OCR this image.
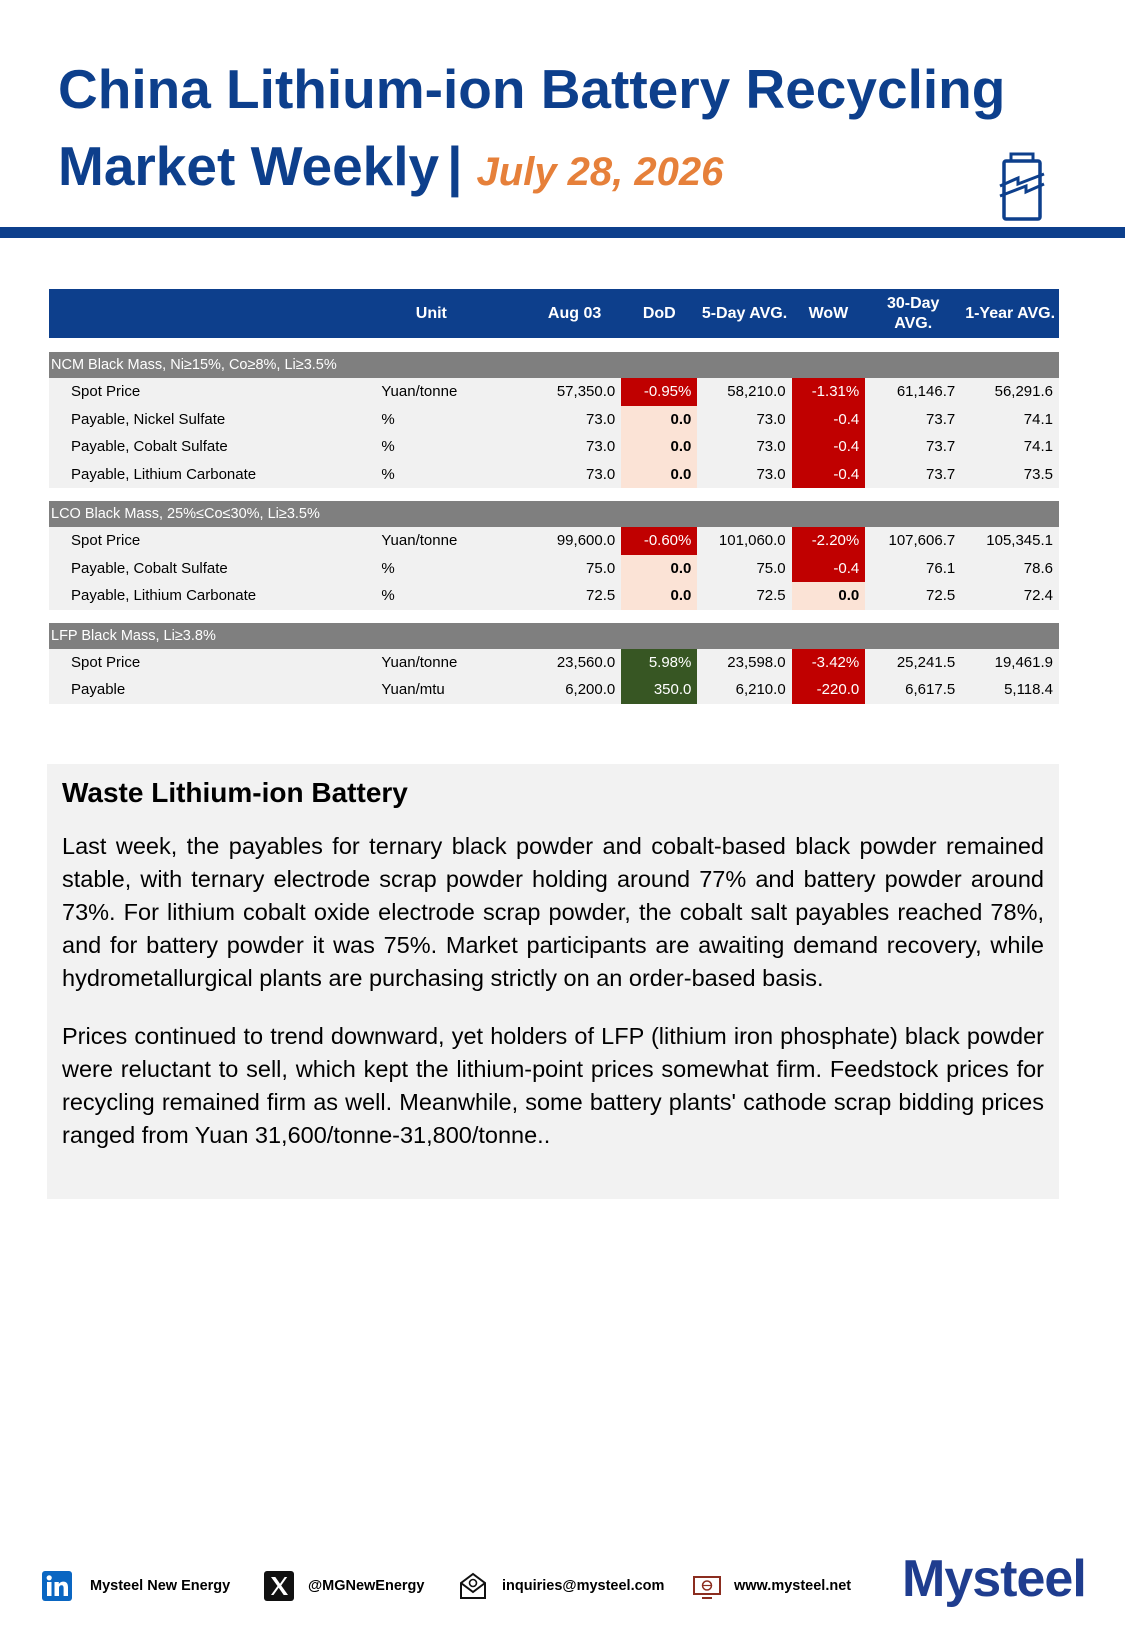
China Lithium-ion Battery Recycling
Market Weekly | July 28, 2026
	Unit	Aug 03	DoD	5-Day AVG.	WoW	30-Day AVG.	1-Year AVG.

NCM Black Mass, Ni≥15%, Co≥8%, Li≥3.5%							
Spot Price	Yuan/tonne	57,350.0	-0.95%	58,210.0	-1.31%	61,146.7	56,291.6
Payable, Nickel Sulfate	%	73.0	0.0	73.0	-0.4	73.7	74.1
Payable, Cobalt Sulfate	%	73.0	0.0	73.0	-0.4	73.7	74.1
Payable, Lithium Carbonate	%	73.0	0.0	73.0	-0.4	73.7	73.5

LCO Black Mass, 25%≤Co≤30%, Li≥3.5%							
Spot Price	Yuan/tonne	99,600.0	-0.60%	101,060.0	-2.20%	107,606.7	105,345.1
Payable, Cobalt Sulfate	%	75.0	0.0	75.0	-0.4	76.1	78.6
Payable, Lithium Carbonate	%	72.5	0.0	72.5	0.0	72.5	72.4

LFP Black Mass, Li≥3.8%							
Spot Price	Yuan/tonne	23,560.0	5.98%	23,598.0	-3.42%	25,241.5	19,461.9
Payable	Yuan/mtu	6,200.0	350.0	6,210.0	-220.0	6,617.5	5,118.4
Waste Lithium-ion Battery

Last week, the payables for ternary black powder and cobalt-based black powder remained stable, with ternary electrode scrap powder holding around 77% and battery powder around 73%. For lithium cobalt oxide electrode scrap powder, the cobalt salt payables reached 78%, and for battery powder it was 75%. Market participants are awaiting demand recovery, while hydrometallurgical plants are purchasing strictly on an order-based basis.

Prices continued to trend downward, yet holders of LFP (lithium iron phosphate) black powder were reluctant to sell, which kept the lithium-point prices somewhat firm. Feedstock prices for recycling remained firm as well. Meanwhile, some battery plants' cathode scrap bidding prices ranged from Yuan 31,600/tonne-31,800/tonne..

Mysteel New Energy	@MGNewEnergy	inquiries@mysteel.com	www.mysteel.net Mysteel
